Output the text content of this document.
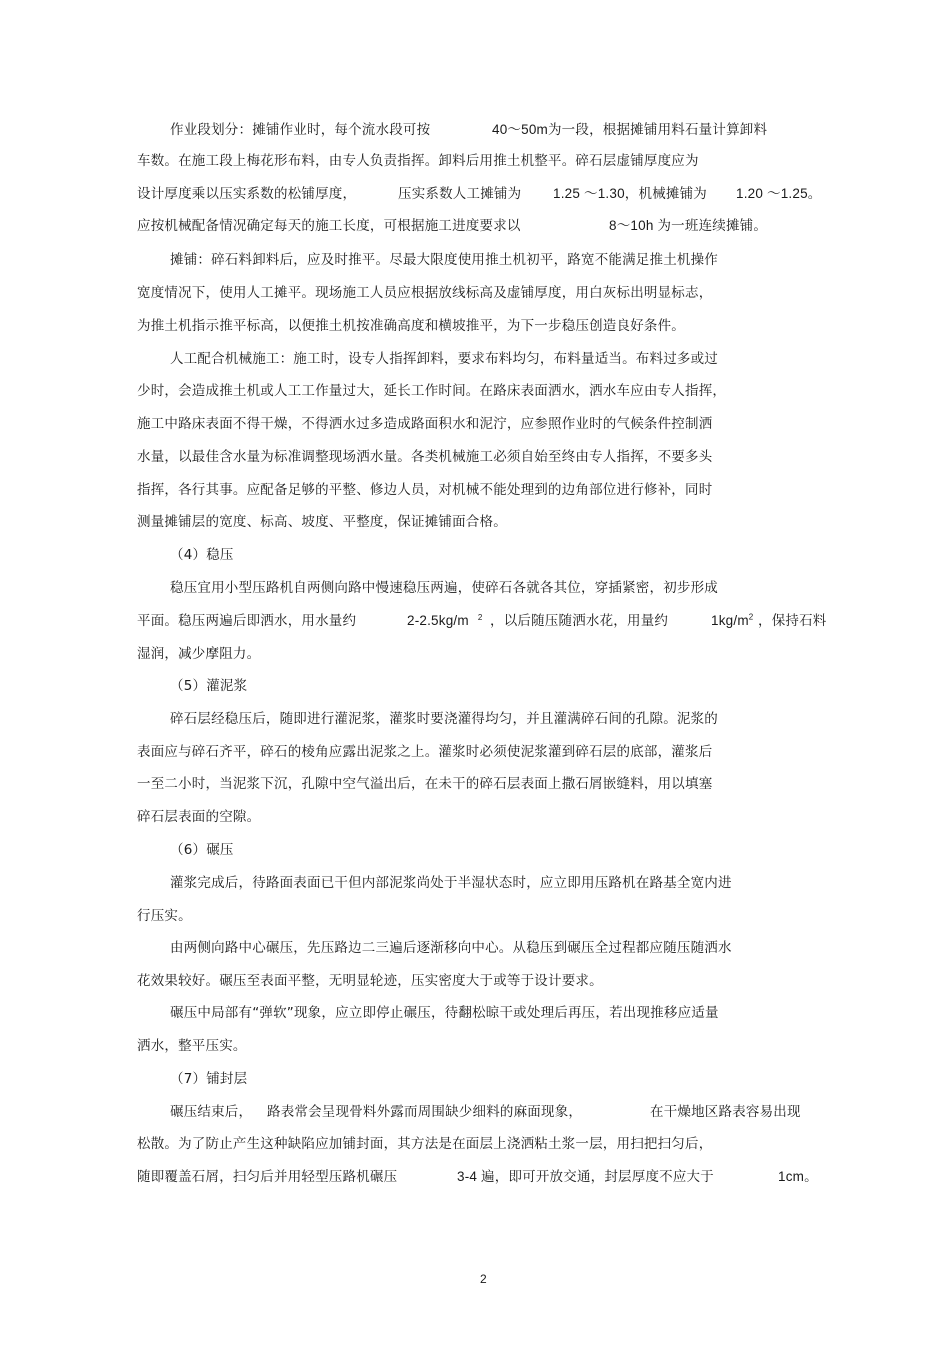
作业段划分：摊铺作业时，每个流水段可按	40～50m为一段，根据摊铺用料石量计算卸料
车数。在施工段上梅花形布料，由专人负责指挥。卸料后用推土机整平。碎石层虚铺厚度应为
设计厚度乘以压实系数的松铺厚度，	压实系数人工摊铺为 1.25 ～1.30，机械摊铺为 1.20 ～1.25。
应按机械配备情况确定每天的施工长度，可根据施工进度要求以	8～10h 为一班连续摊铺。
摊铺：碎石料卸料后，应及时推平。尽最大限度使用推土机初平，路宽不能满足推土机操作
宽度情况下，使用人工摊平。现场施工人员应根据放线标高及虚铺厚度，用白灰标出明显标志，
为推土机指示推平标高，以便推土机按准确高度和横坡推平，为下一步稳压创造良好条件。
人工配合机械施工：施工时，设专人指挥卸料，要求布料均匀，布料量适当。布料过多或过
少时，会造成推土机或人工工作量过大，延长工作时间。在路床表面洒水，洒水车应由专人指挥，
施工中路床表面不得干燥，不得洒水过多造成路面积水和泥泞，应参照作业时的气候条件控制洒
水量，以最佳含水量为标准调整现场洒水量。各类机械施工必须自始至终由专人指挥，不要多头
指挥，各行其事。应配备足够的平整、修边人员，对机械不能处理到的边角部位进行修补，同时
测量摊铺层的宽度、标高、坡度、平整度，保证摊铺面合格。
（4）稳压
稳压宜用小型压路机自两侧向路中慢速稳压两遍，使碎石各就各其位，穿插紧密，初步形成
平面。稳压两遍后即洒水，用水量约	2-2.5kg/m $^2$ ，以后随压随洒水花，用量约	$1kg/m^2$ ，保持石料
湿润，减少摩阻力。
（5）灌泥浆
碎石层经稳压后，随即进行灌泥浆，灌浆时要浇灌得均匀，并且灌满碎石间的孔隙。泥浆的
表面应与碎石齐平，碎石的棱角应露出泥浆之上。灌浆时必须使泥浆灌到碎石层的底部，灌浆后
一至二小时，当泥浆下沉，孔隙中空气溢出后，在未干的碎石层表面上撒石屑嵌缝料，用以填塞
碎石层表面的空隙。
（6）碾压
灌浆完成后，待路面表面已干但内部泥浆尚处于半湿状态时，应立即用压路机在路基全宽内进
行压实。
由两侧向路中心碾压，先压路边二三遍后逐渐移向中心。从稳压到碾压全过程都应随压随洒水
花效果较好。碾压至表面平整，无明显轮迹，压实密度大于或等于设计要求。
碾压中局部有“弹软”现象，应立即停止碾压，待翻松晾干或处理后再压，若出现推移应适量
洒水，整平压实。
（7）铺封层
碾压结束后， 路表常会呈现骨料外露而周围缺少细料的麻面现象，	在干燥地区路表容易出现
松散。为了防止产生这种缺陷应加铺封面，其方法是在面层上浇洒粘土浆一层，用扫把扫匀后，
随即覆盖石屑，扫匀后并用轻型压路机碾压	3-4 遍，即可开放交通，封层厚度不应大于	1cm。
2
